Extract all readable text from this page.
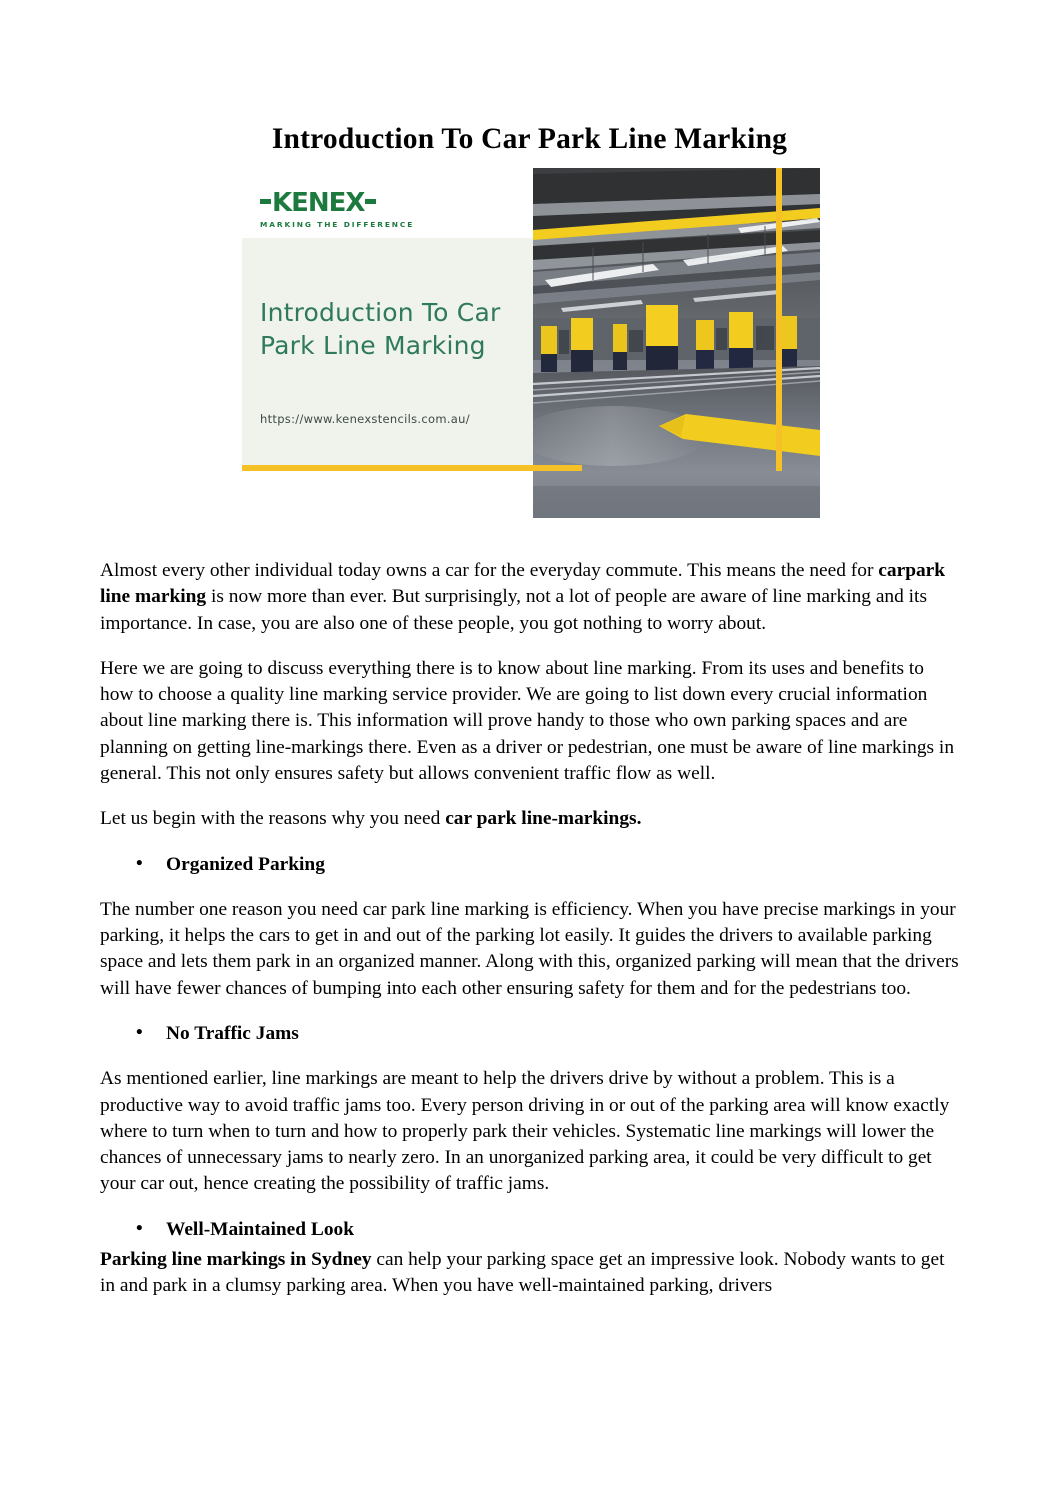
Introduction To Car Park Line Marking
KENEX
MARKING THE DIFFERENCE
Introduction To Car
Park Line Marking
https://www.kenexstencils.com.au/

Almost every other individual today owns a car for the everyday commute. This means the need for carpark line marking is now more than ever. But surprisingly, not a lot of people are aware of line marking and its importance. In case, you are also one of these people, you got nothing to worry about.

Here we are going to discuss everything there is to know about line marking. From its uses and benefits to how to choose a quality line marking service provider. We are going to list down every crucial information about line marking there is. This information will prove handy to those who own parking spaces and are planning on getting line-markings there. Even as a driver or pedestrian, one must be aware of line markings in general. This not only ensures safety but allows convenient traffic flow as well.

Let us begin with the reasons why you need car park line-markings.

• Organized Parking

The number one reason you need car park line marking is efficiency. When you have precise markings in your parking, it helps the cars to get in and out of the parking lot easily. It guides the drivers to available parking space and lets them park in an organized manner. Along with this, organized parking will mean that the drivers will have fewer chances of bumping into each other ensuring safety for them and for the pedestrians too.

• No Traffic Jams

As mentioned earlier, line markings are meant to help the drivers drive by without a problem. This is a productive way to avoid traffic jams too. Every person driving in or out of the parking area will know exactly where to turn when to turn and how to properly park their vehicles. Systematic line markings will lower the chances of unnecessary jams to nearly zero. In an unorganized parking area, it could be very difficult to get your car out, hence creating the possibility of traffic jams.

• Well-Maintained Look

Parking line markings in Sydney can help your parking space get an impressive look. Nobody wants to get in and park in a clumsy parking area. When you have well-maintained parking, drivers
